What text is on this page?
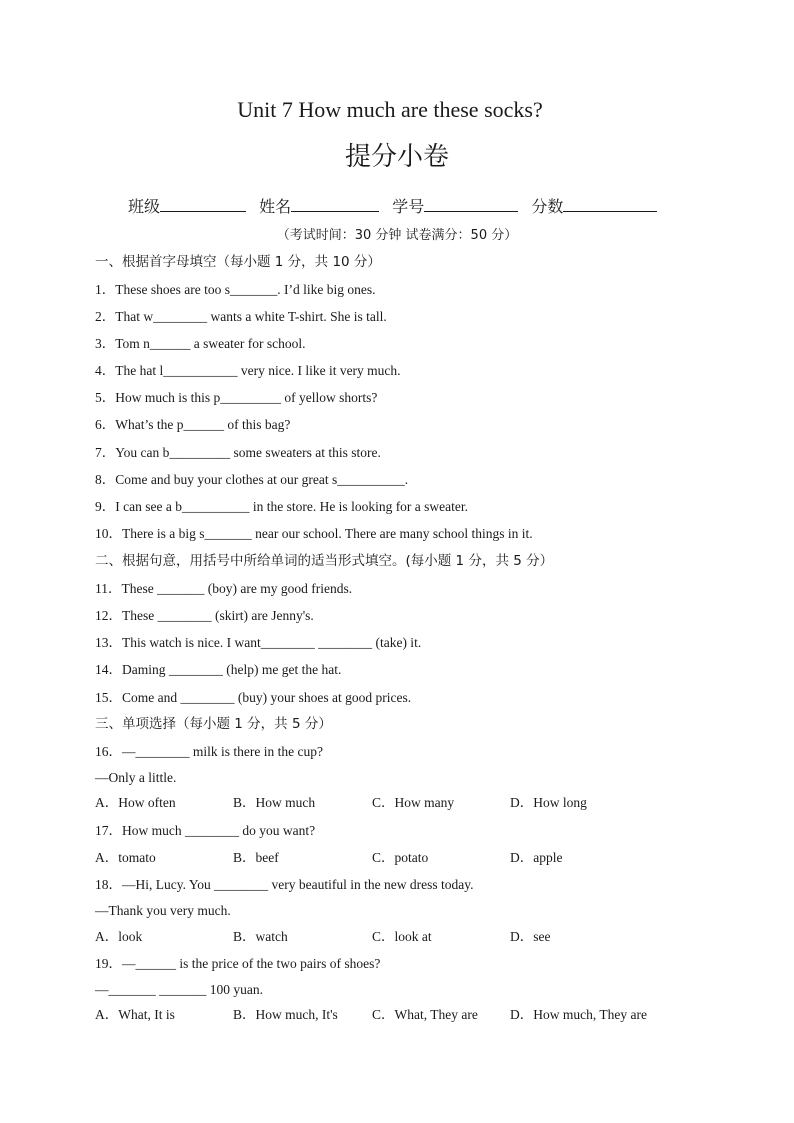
Unit 7 How much are these socks?
提分小卷
班级	姓名	学号	分数
（考试时间：30 分钟 试卷满分：50 分）
一、根据首字母填空（每小题 1 分，共 10 分）
1．These shoes are too s_______. I’d like big ones.
2．That w________ wants a white T-shirt. She is tall.
3．Tom n______ a sweater for school.
4．The hat l___________ very nice. I like it very much.
5．How much is this p_________ of yellow shorts?
6．What’s the p______ of this bag?
7．You can b_________ some sweaters at this store.
8．Come and buy your clothes at our great s__________.
9．I can see a b__________ in the store. He is looking for a sweater.
10．There is a big s_______ near our school. There are many school things in it.
二、根据句意，用括号中所给单词的适当形式填空。(每小题 1 分，共 5 分）
11．These _______ (boy) are my good friends.
12．These ________ (skirt) are Jenny's.
13．This watch is nice. I want________ ________ (take) it.
14．Daming ________ (help) me get the hat.
15．Come and ________ (buy) your shoes at good prices.
三、单项选择（每小题 1 分，共 5 分）
16．—________ milk is there in the cup?
—Only a little.
A．How often	B．How much	C．How many	D．How long
17．How much ________ do you want?
A．tomato	B．beef	C．potato	D．apple
18．—Hi, Lucy. You ________ very beautiful in the new dress today.
—Thank you very much.
A．look	B．watch	C．look at	D．see
19．—______ is the price of the two pairs of shoes?
—_______ _______ 100 yuan.
A．What, It is	B．How much, It's	C．What, They are D．How much, They are
